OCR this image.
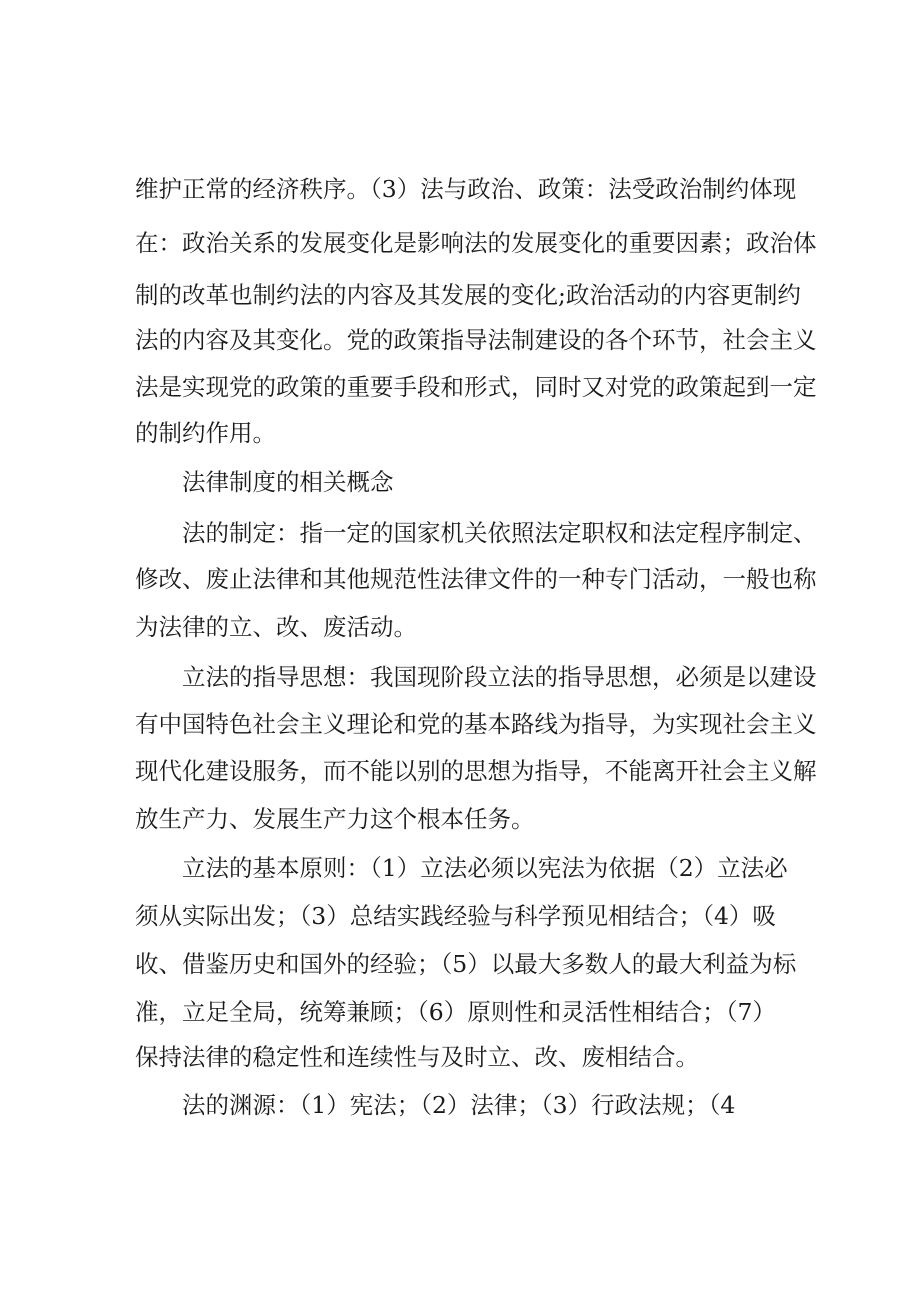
维护正常的经济秩序。（3）法与政治、政策：法受政治制约体现

在：政治关系的发展变化是影响法的发展变化的重要因素；政治体

制的改革也制约法的内容及其发展的变化;政治活动的内容更制约

法的内容及其变化。党的政策指导法制建设的各个环节，社会主义

法是实现党的政策的重要手段和形式，同时又对党的政策起到一定

的制约作用。

法律制度的相关概念

法的制定：指一定的国家机关依照法定职权和法定程序制定、

修改、废止法律和其他规范性法律文件的一种专门活动，一般也称

为法律的立、改、废活动。

立法的指导思想：我国现阶段立法的指导思想，必须是以建设

有中国特色社会主义理论和党的基本路线为指导，为实现社会主义

现代化建设服务，而不能以别的思想为指导，不能离开社会主义解

放生产力、发展生产力这个根本任务。

立法的基本原则：（1）立法必须以宪法为依据（2）立法必

须从实际出发；（3）总结实践经验与科学预见相结合；（4）吸

收、借鉴历史和国外的经验；（5）以最大多数人的最大利益为标

准，立足全局，统筹兼顾；（6）原则性和灵活性相结合；（7）

保持法律的稳定性和连续性与及时立、改、废相结合。

法的渊源：（1）宪法；（2）法律；（3）行政法规；（4
